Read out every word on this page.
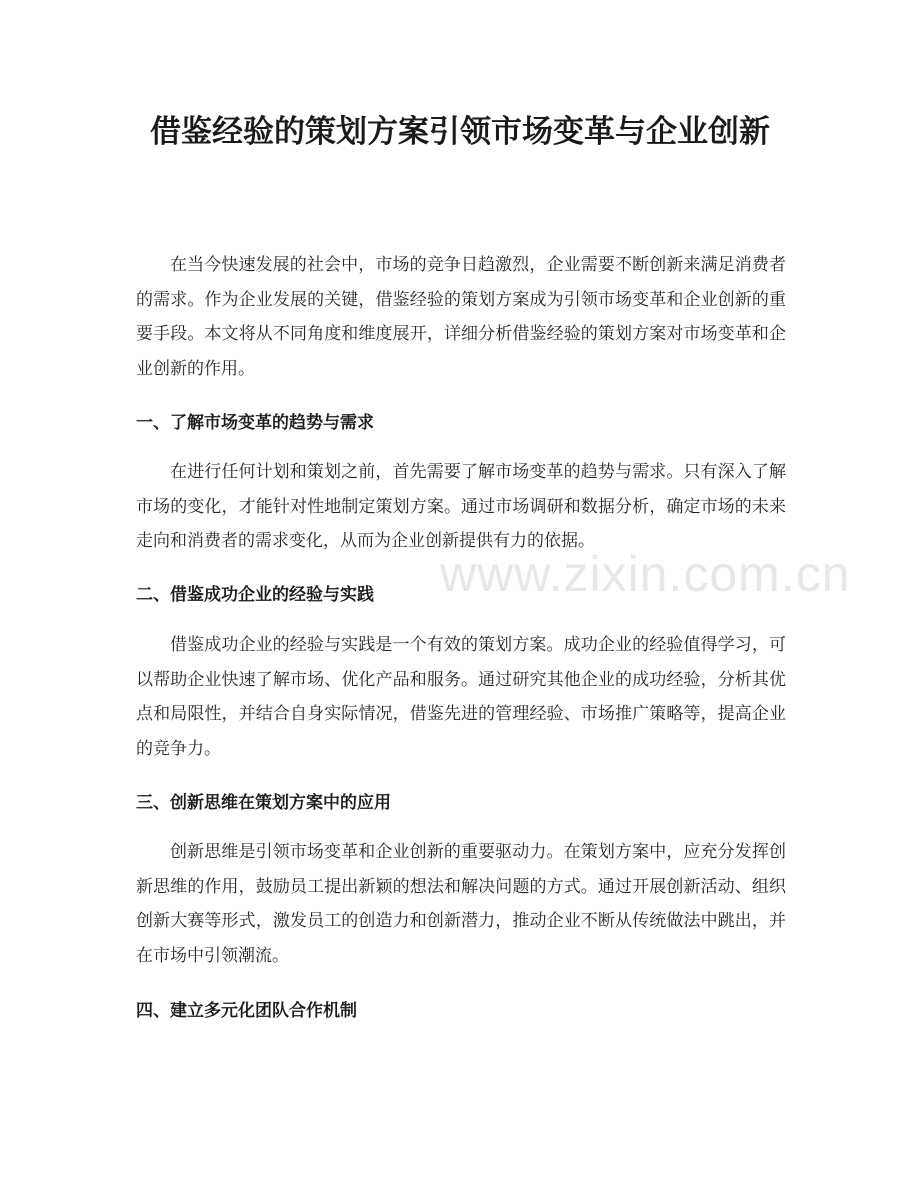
借鉴经验的策划方案引领市场变革与企业创新

在当今快速发展的社会中，市场的竞争日趋激烈，企业需要不断创新来满足消费者的需求。作为企业发展的关键，借鉴经验的策划方案成为引领市场变革和企业创新的重要手段。本文将从不同角度和维度展开，详细分析借鉴经验的策划方案对市场变革和企业创新的作用。

一、了解市场变革的趋势与需求

在进行任何计划和策划之前，首先需要了解市场变革的趋势与需求。只有深入了解市场的变化，才能针对性地制定策划方案。通过市场调研和数据分析，确定市场的未来走向和消费者的需求变化，从而为企业创新提供有力的依据。

二、借鉴成功企业的经验与实践

借鉴成功企业的经验与实践是一个有效的策划方案。成功企业的经验值得学习，可以帮助企业快速了解市场、优化产品和服务。通过研究其他企业的成功经验，分析其优点和局限性，并结合自身实际情况，借鉴先进的管理经验、市场推广策略等，提高企业的竞争力。

三、创新思维在策划方案中的应用

创新思维是引领市场变革和企业创新的重要驱动力。在策划方案中，应充分发挥创新思维的作用，鼓励员工提出新颖的想法和解决问题的方式。通过开展创新活动、组织创新大赛等形式，激发员工的创造力和创新潜力，推动企业不断从传统做法中跳出，并在市场中引领潮流。

四、建立多元化团队合作机制
www.zixin.com.cn
